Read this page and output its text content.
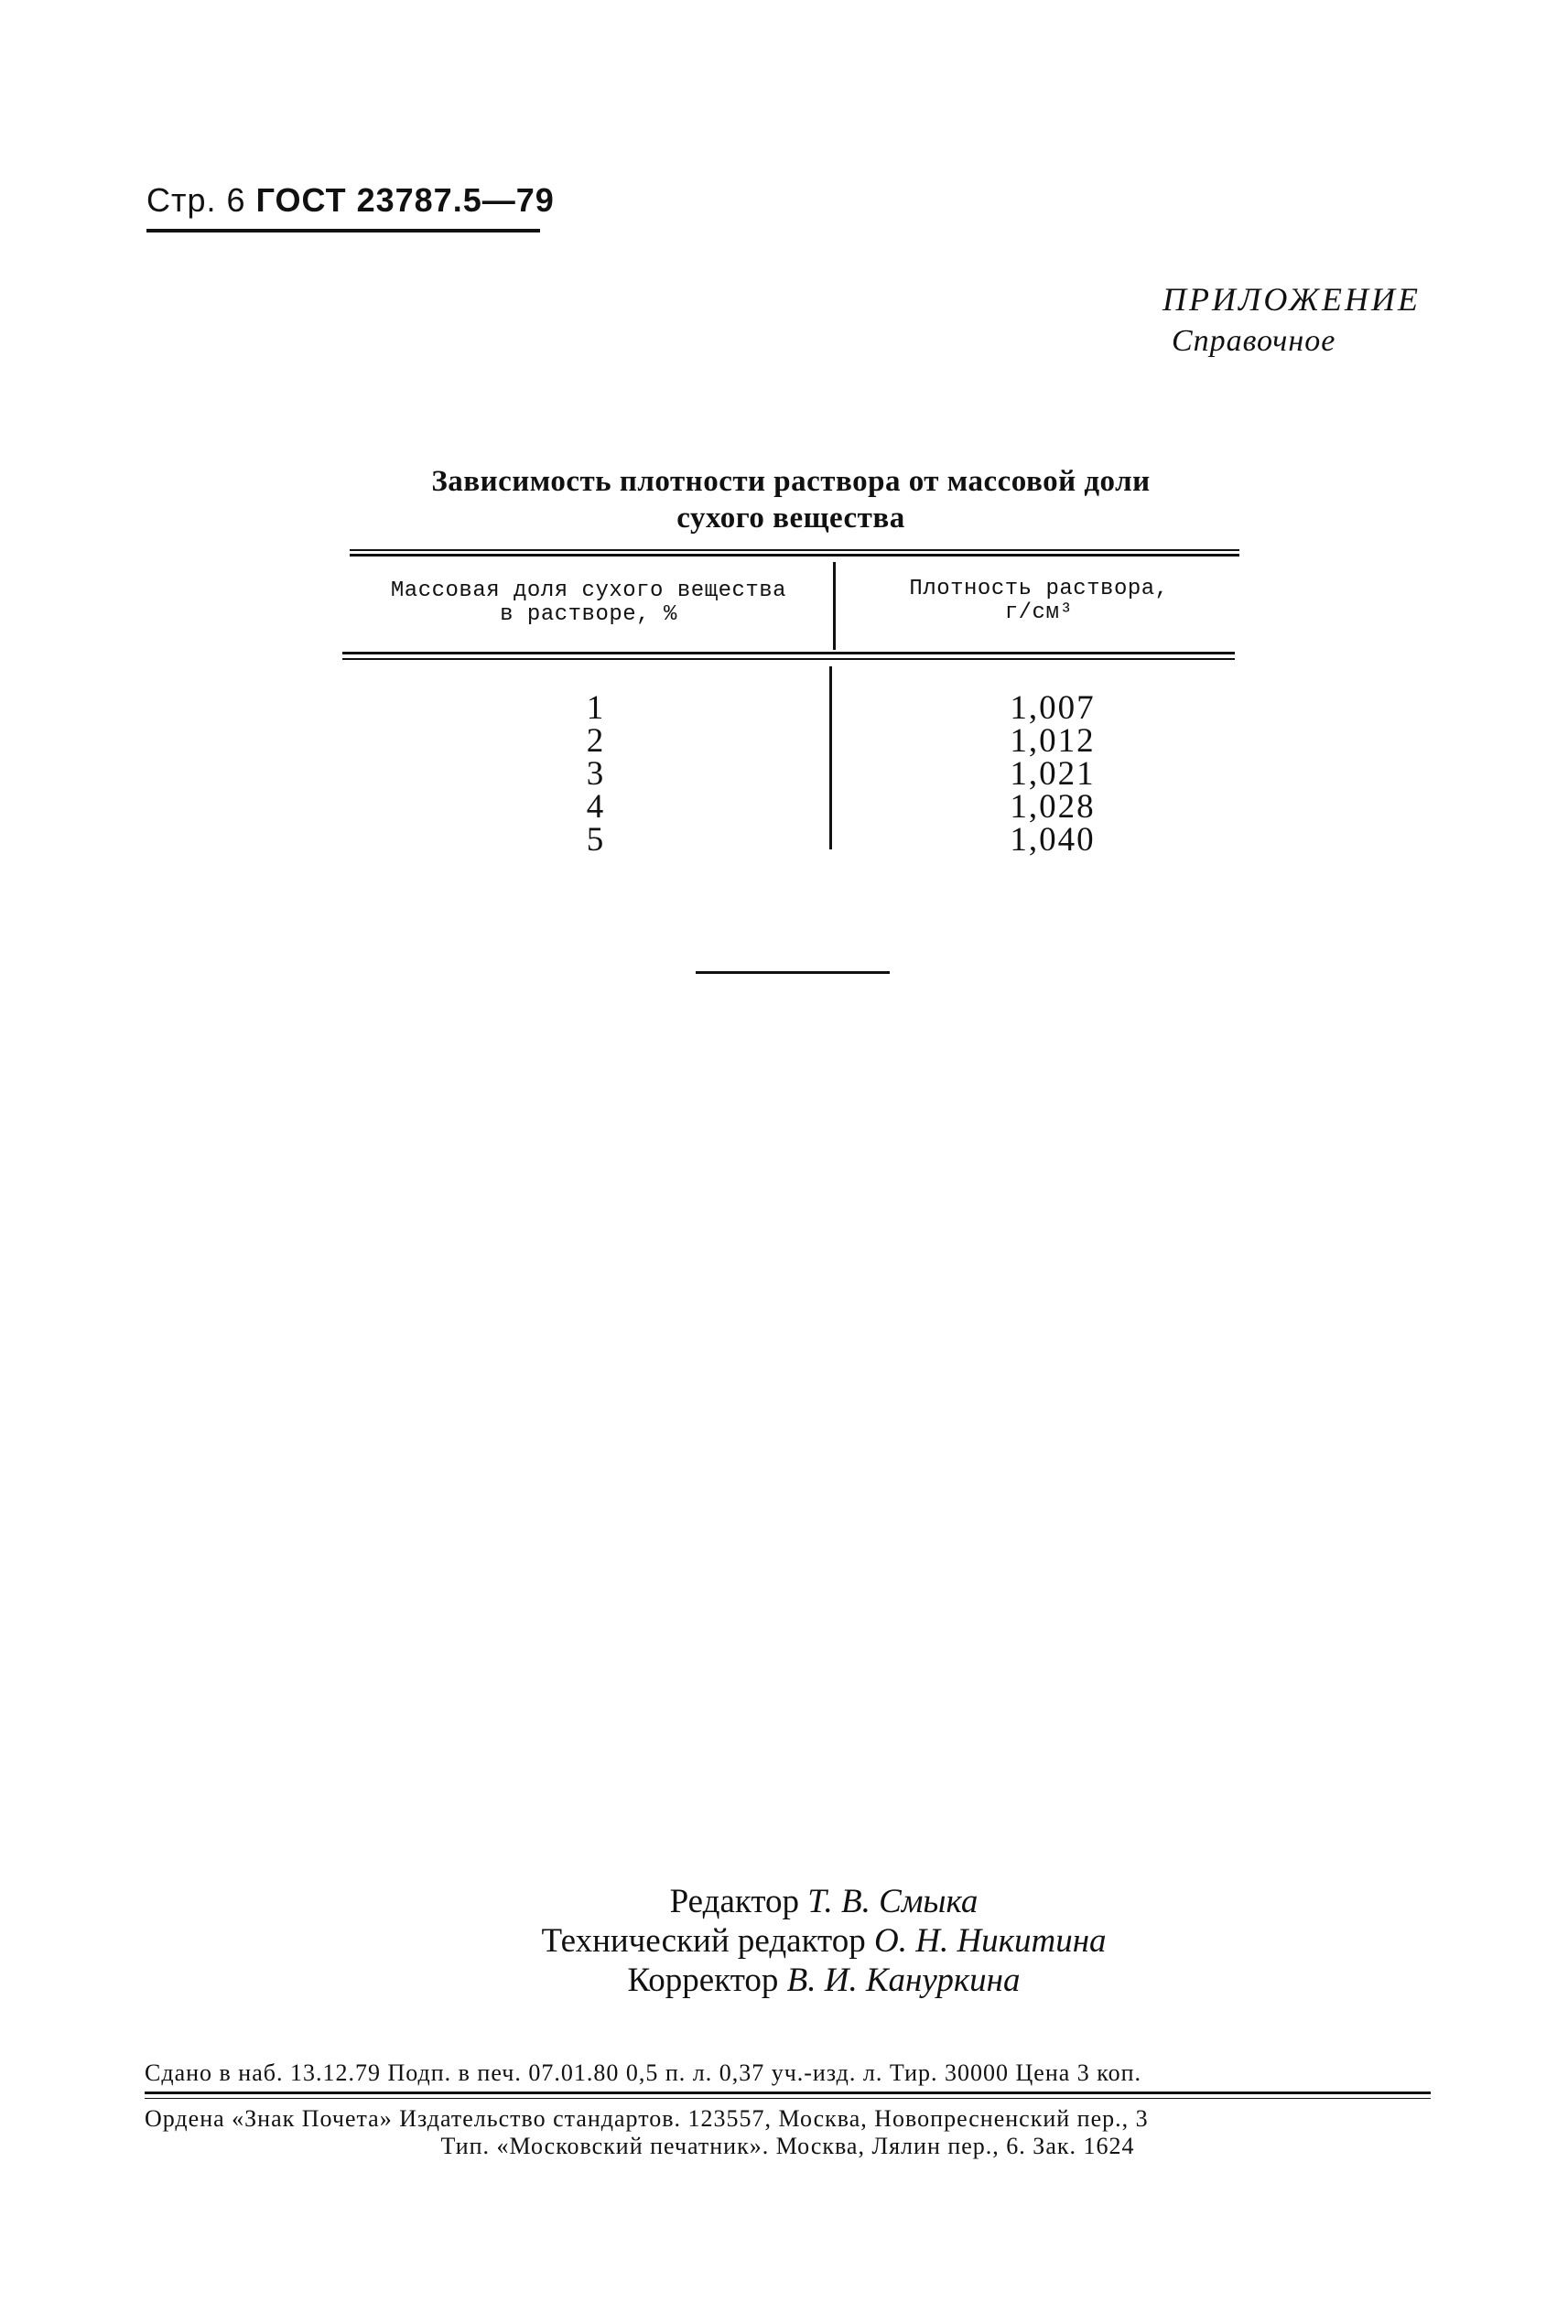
Стр. 6 ГОСТ 23787.5—79
ПРИЛОЖЕНИЕ
Справочное
Зависимость плотности раствора от массовой доли
сухого вещества
Массовая доля сухого вещества
в растворе, %
Плотность раствора,
г/см³
1
2
3
4
5
1,007
1,012
1,021
1,028
1,040
Редактор Т. В. Смыка
Технический редактор О. Н. Никитина
Корректор В. И. Кануркина
Сдано в наб. 13.12.79 Подп. в печ. 07.01.80 0,5 п. л. 0,37 уч.-изд. л. Тир. 30000 Цена 3 коп.
Ордена «Знак Почета» Издательство стандартов. 123557, Москва, Новопресненский пер., 3
Тип. «Московский печатник». Москва, Лялин пер., 6. Зак. 1624
